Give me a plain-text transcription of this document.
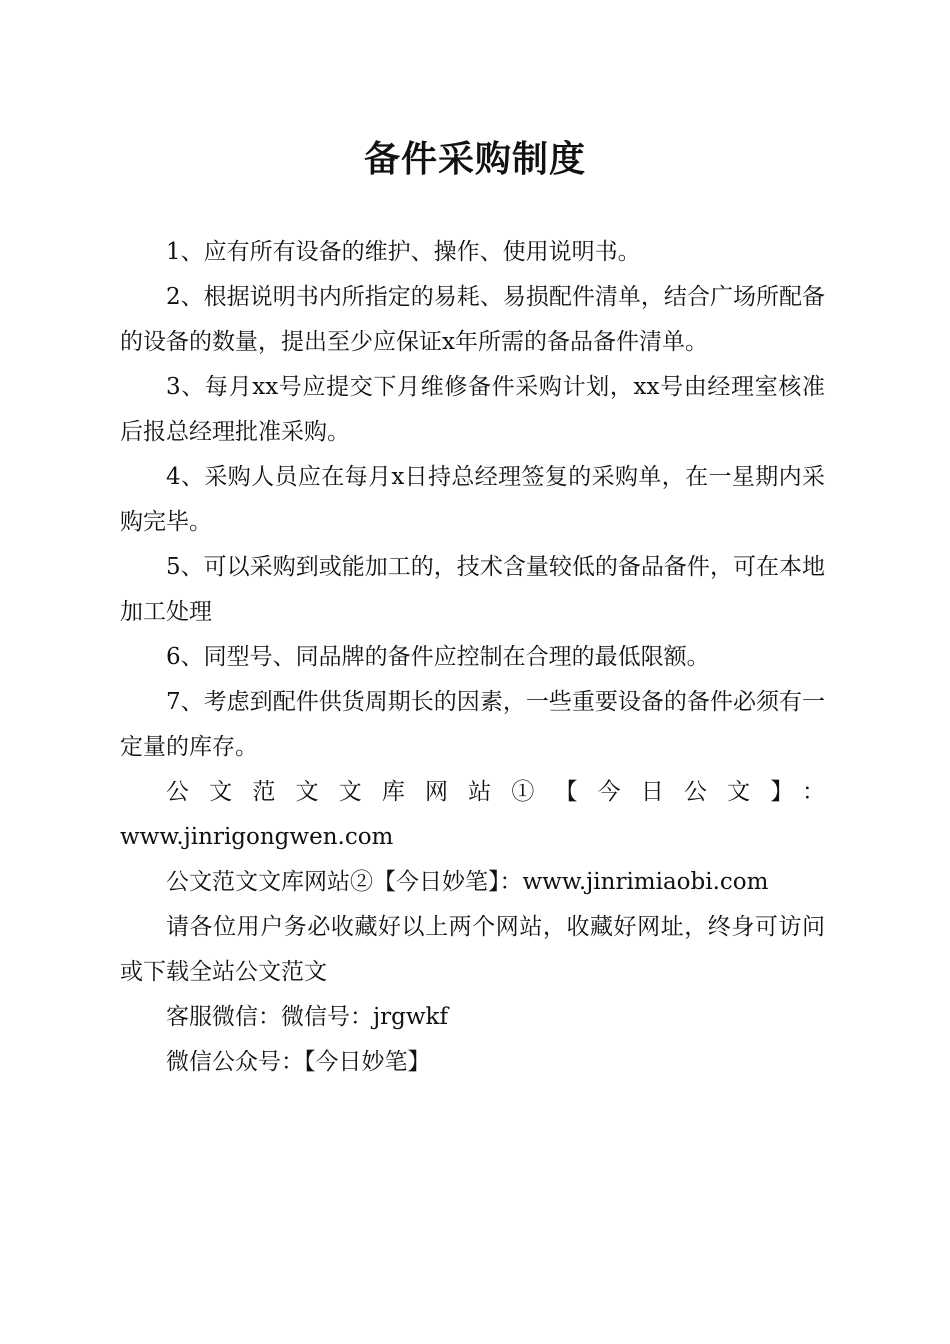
备件采购制度

1、应有所有设备的维护、操作、使用说明书。

2、根据说明书内所指定的易耗、易损配件清单，结合广场所配备的设备的数量，提出至少应保证x年所需的备品备件清单。

3、每月xx号应提交下月维修备件采购计划，xx号由经理室核准后报总经理批准采购。

4、采购人员应在每月x日持总经理签复的采购单，在一星期内采购完毕。

5、可以采购到或能加工的，技术含量较低的备品备件，可在本地加工处理

6、同型号、同品牌的备件应控制在合理的最低限额。

7、考虑到配件供货周期长的因素，一些重要设备的备件必须有一定量的库存。

公文范文文库网站①【今日公文】：

www.jinrigongwen.com

公文范文文库网站②【今日妙笔】：www.jinrimiaobi.com

请各位用户务必收藏好以上两个网站，收藏好网址，终身可访问或下载全站公文范文

客服微信：微信号：jrgwkf

微信公众号：【今日妙笔】
